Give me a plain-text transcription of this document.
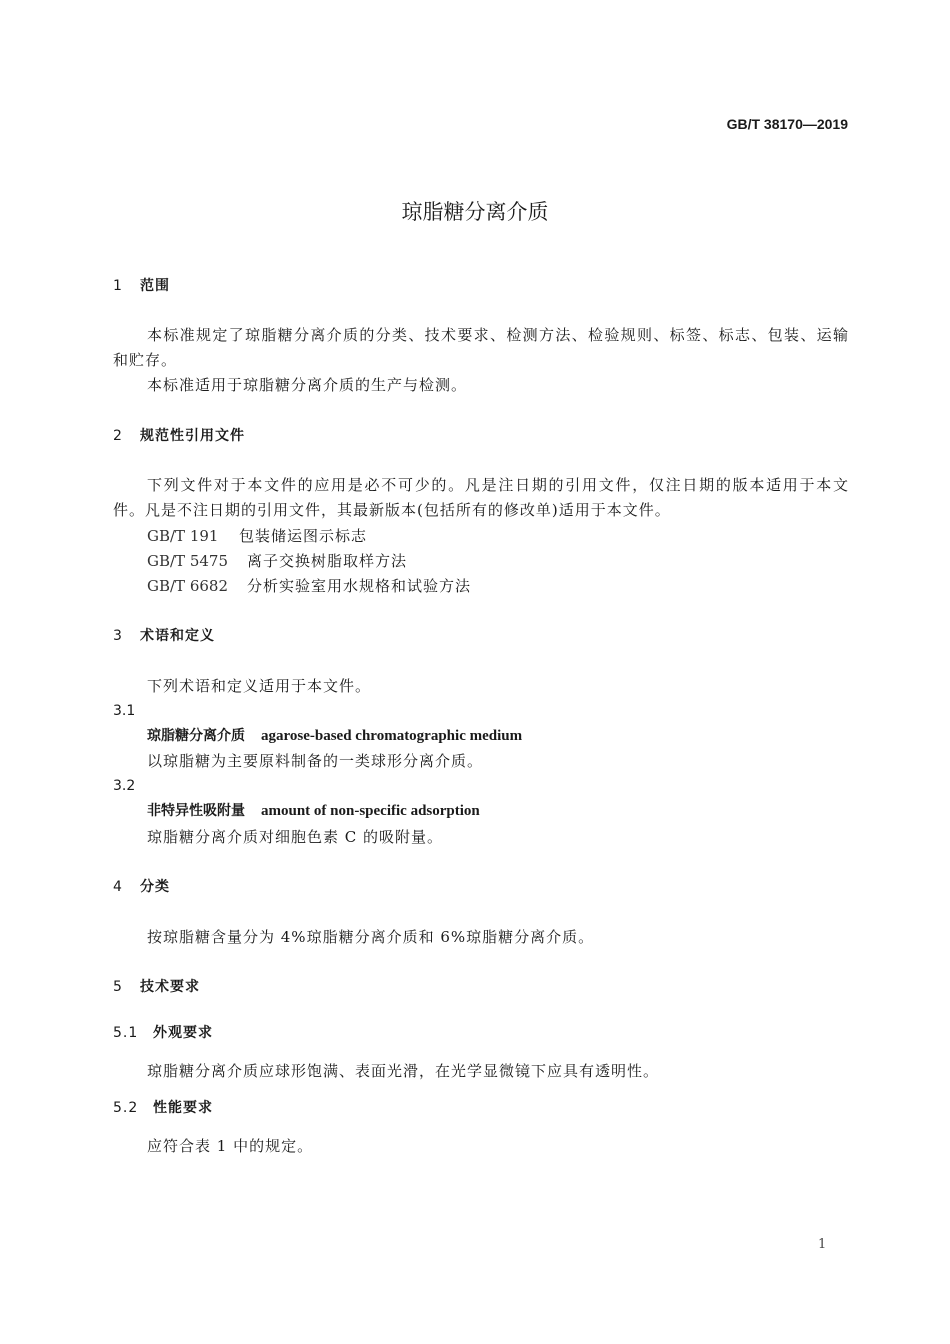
GB/T 38170—2019
琼脂糖分离介质
1 范围
本标准规定了琼脂糖分离介质的分类、技术要求、检测方法、检验规则、标签、标志、包装、运输和贮存。
本标准适用于琼脂糖分离介质的生产与检测。
2 规范性引用文件
下列文件对于本文件的应用是必不可少的。凡是注日期的引用文件，仅注日期的版本适用于本文件。凡是不注日期的引用文件，其最新版本(包括所有的修改单)适用于本文件。
GB/T 191 包装储运图示标志
GB/T 5475 离子交换树脂取样方法
GB/T 6682 分析实验室用水规格和试验方法
3 术语和定义
下列术语和定义适用于本文件。
3.1
琼脂糖分离介质 agarose-based chromatographic medium
以琼脂糖为主要原料制备的一类球形分离介质。
3.2
非特异性吸附量 amount of non-specific adsorption
琼脂糖分离介质对细胞色素 C 的吸附量。
4 分类
按琼脂糖含量分为 4%琼脂糖分离介质和 6%琼脂糖分离介质。
5 技术要求
5.1 外观要求
琼脂糖分离介质应球形饱满、表面光滑，在光学显微镜下应具有透明性。
5.2 性能要求
应符合表 1 中的规定。
1
